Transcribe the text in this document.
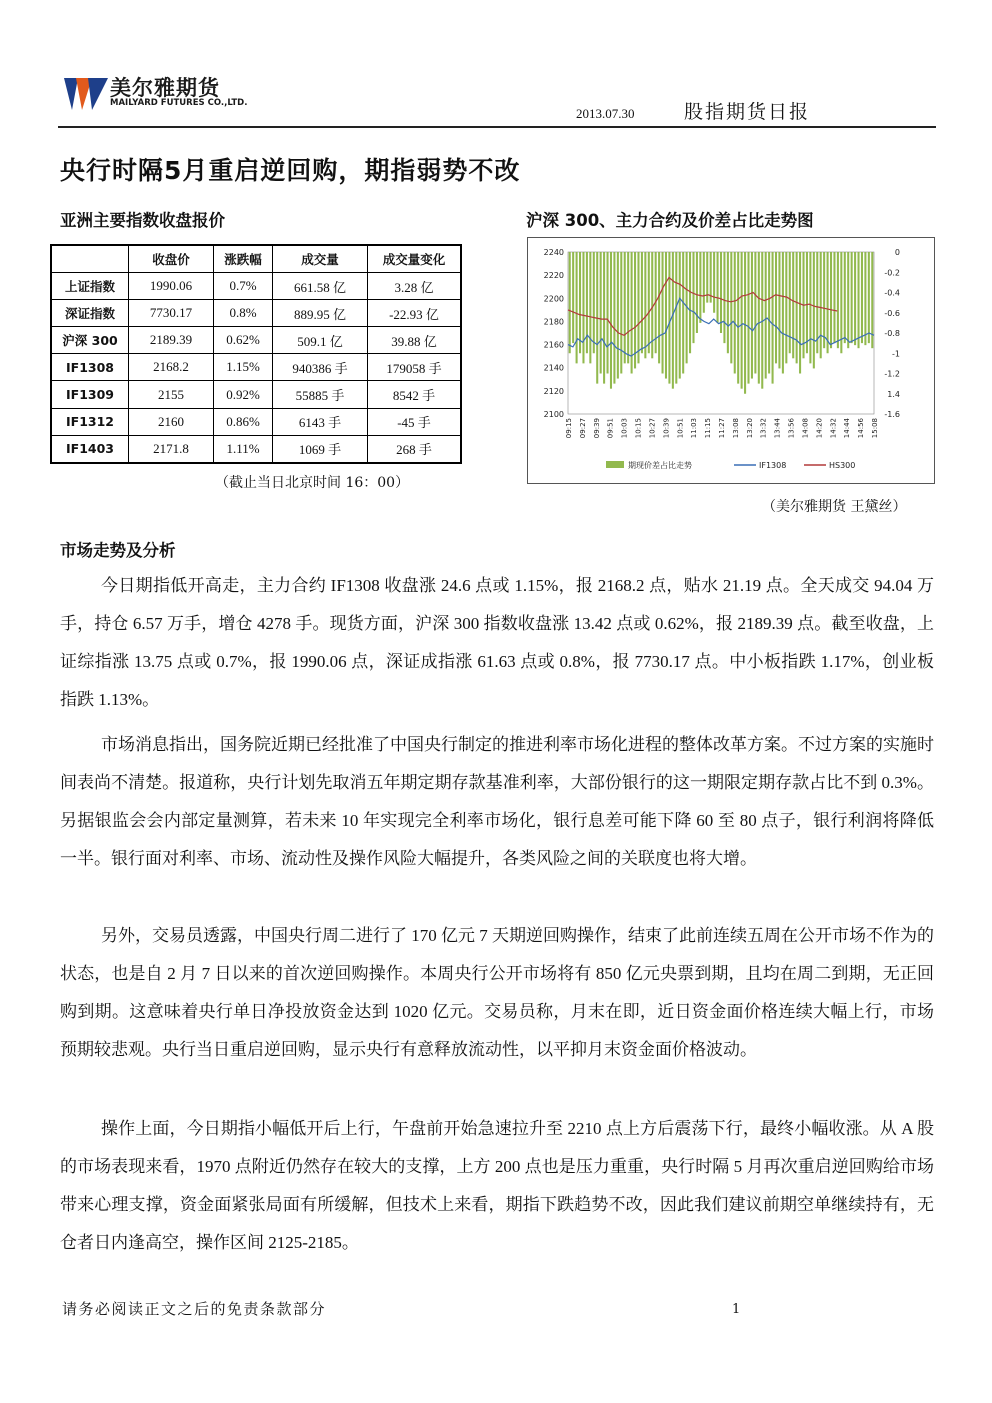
美尔雅期货
MAILYARD FUTURES CO.,LTD.
2013.07.30	股指期货日报
央行时隔5月重启逆回购，期指弱势不改
亚洲主要指数收盘报价
	收盘价	涨跌幅	成交量	成交量变化
上证指数	1990.06	0.7%	661.58 亿	3.28 亿
深证指数	7730.17	0.8%	889.95 亿	-22.93 亿
沪深 300	2189.39	0.62%	509.1 亿	39.88 亿
IF1308	2168.2	1.15%	940386 手	179058 手
IF1309	2155	0.92%	55885 手	8542 手
IF1312	2160	0.86%	6143 手	-45 手
IF1403	2171.8	1.11%	1069 手	268 手
（截止当日北京时间 16：00）
沪深 300、主力合约及价差占比走势图
2100
2120
2140
2160
2180
2200
2220
2240	0
-0.2
-0.4
-0.6
-0.8
-1
-1.2
1.4
-1.6
09:15 09:27 09:39 09:51 10:03 10:15 10:27 10:39 10:51 11:03 11:15 11:27 13:08 13:20 13:32 13:44 13:56 14:08 14:20 14:32 14:44 14:56 15:08
期现价差占比走势	IF1308	HS300
（美尔雅期货 王黛丝）
市场走势及分析
今日期指低开高走，主力合约 IF1308 收盘涨 24.6 点或 1.15%，报 2168.2 点，贴水 21.19 点。全天成交 94.04 万手，持仓 6.57 万手，增仓 4278 手。现货方面，沪深 300 指数收盘涨 13.42 点或 0.62%，报 2189.39 点。截至收盘，上证综指涨 13.75 点或 0.7%，报 1990.06 点，深证成指涨 61.63 点或 0.8%，报 7730.17 点。中小板指跌 1.17%，创业板指跌 1.13%。
市场消息指出，国务院近期已经批准了中国央行制定的推进利率市场化进程的整体改革方案。不过方案的实施时间表尚不清楚。报道称，央行计划先取消五年期定期存款基准利率，大部份银行的这一期限定期存款占比不到 0.3%。另据银监会会内部定量测算，若未来 10 年实现完全利率市场化，银行息差可能下降 60 至 80 点子，银行利润将降低一半。银行面对利率、市场、流动性及操作风险大幅提升，各类风险之间的关联度也将大增。
另外，交易员透露，中国央行周二进行了 170 亿元 7 天期逆回购操作，结束了此前连续五周在公开市场不作为的状态，也是自 2 月 7 日以来的首次逆回购操作。本周央行公开市场将有 850 亿元央票到期，且均在周二到期，无正回购到期。这意味着央行单日净投放资金达到 1020 亿元。交易员称，月末在即，近日资金面价格连续大幅上行，市场预期较悲观。央行当日重启逆回购，显示央行有意释放流动性，以平抑月末资金面价格波动。
操作上面，今日期指小幅低开后上行，午盘前开始急速拉升至 2210 点上方后震荡下行，最终小幅收涨。从 A 股的市场表现来看，1970 点附近仍然存在较大的支撑，上方 200 点也是压力重重，央行时隔 5 月再次重启逆回购给市场带来心理支撑，资金面紧张局面有所缓解，但技术上来看，期指下跌趋势不改，因此我们建议前期空单继续持有，无仓者日内逢高空，操作区间 2125-2185。
请务必阅读正文之后的免责条款部分	1
